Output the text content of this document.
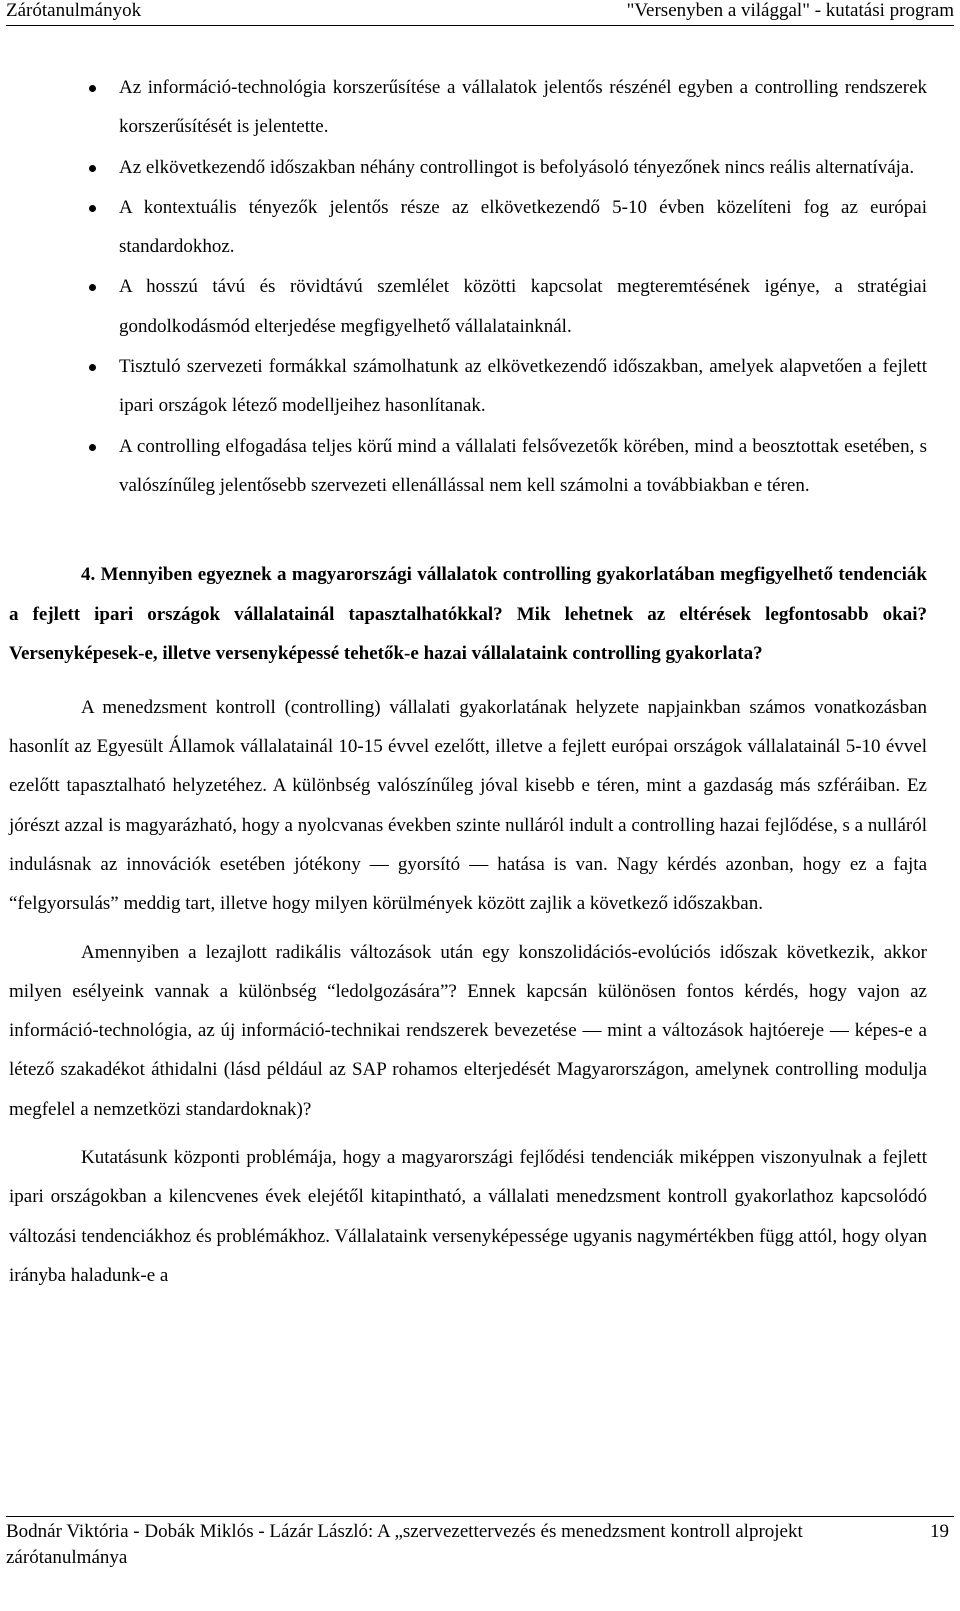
Zárótanulmányok	"Versenyben a világgal" - kutatási program
Az információ-technológia korszerűsítése a vállalatok jelentős részénél egyben a controlling rendszerek korszerűsítését is jelentette.
Az elkövetkezendő időszakban néhány controllingot is befolyásoló tényezőnek nincs reális alternatívája.
A kontextuális tényezők jelentős része az elkövetkezendő 5-10 évben közelíteni fog az európai standardokhoz.
A hosszú távú és rövidtávú szemlélet közötti kapcsolat megteremtésének igénye, a stratégiai gondolkodásmód elterjedése megfigyelhető vállalatainknál.
Tisztuló szervezeti formákkal számolhatunk az elkövetkezendő időszakban, amelyek alapvetően a fejlett ipari országok létező modelljeihez hasonlítanak.
A controlling elfogadása teljes körű mind a vállalati felsővezetők körében, mind a beosztottak esetében, s valószínűleg jelentősebb szervezeti ellenállással nem kell számolni a továbbiakban e téren.
4. Mennyiben egyeznek a magyarországi vállalatok controlling gyakorlatában megfigyelhető tendenciák a fejlett ipari országok vállalatainál tapasztalhatókkal? Mik lehetnek az eltérések legfontosabb okai? Versenyképesek-e, illetve versenyképessé tehetők-e hazai vállalataink controlling gyakorlata?

A menedzsment kontroll (controlling) vállalati gyakorlatának helyzete napjainkban számos vonatkozásban hasonlít az Egyesült Államok vállalatainál 10-15 évvel ezelőtt, illetve a fejlett európai országok vállalatainál 5-10 évvel ezelőtt tapasztalható helyzetéhez. A különbség valószínűleg jóval kisebb e téren, mint a gazdaság más szféráiban. Ez jórészt azzal is magyarázható, hogy a nyolcvanas években szinte nulláról indult a controlling hazai fejlődése, s a nulláról indulásnak az innovációk esetében jótékony — gyorsító — hatása is van. Nagy kérdés azonban, hogy ez a fajta “felgyorsulás” meddig tart, illetve hogy milyen körülmények között zajlik a következő időszakban.

Amennyiben a lezajlott radikális változások után egy konszolidációs-evolúciós időszak következik, akkor milyen esélyeink vannak a különbség “ledolgozására”? Ennek kapcsán különösen fontos kérdés, hogy vajon az információ-technológia, az új információ-technikai rendszerek bevezetése — mint a változások hajtóereje — képes-e a létező szakadékot áthidalni (lásd például az SAP rohamos elterjedését Magyarországon, amelynek controlling modulja megfelel a nemzetközi standardoknak)?

Kutatásunk központi problémája, hogy a magyarországi fejlődési tendenciák miképpen viszonyulnak a fejlett ipari országokban a kilencvenes évek elejétől kitapintható, a vállalati menedzsment kontroll gyakorlathoz kapcsolódó változási tendenciákhoz és problémákhoz. Vállalataink versenyképessége ugyanis nagymértékben függ attól, hogy olyan irányba haladunk-e a

Bodnár Viktória - Dobák Miklós - Lázár László: A „szervezettervezés és menedzsment kontroll alprojekt zárótanulmánya
19
